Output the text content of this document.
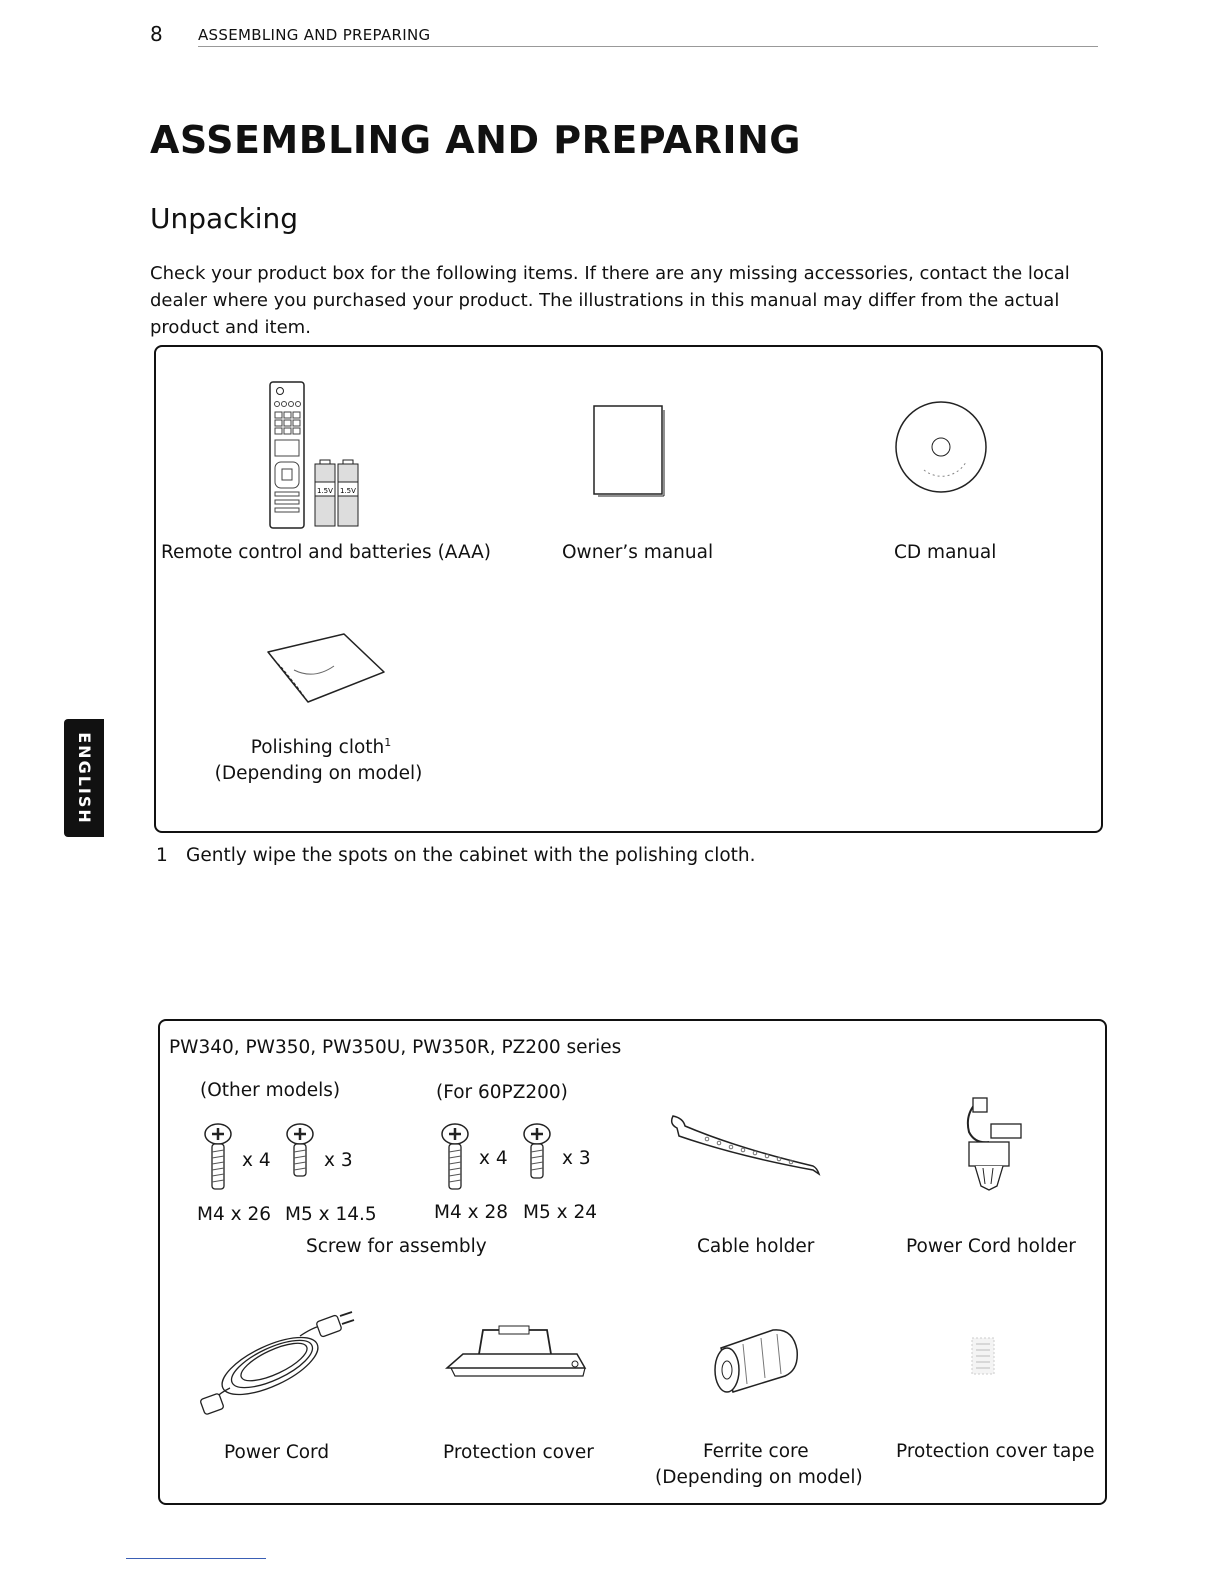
8 ASSEMBLING AND PREPARING
ASSEMBLING AND PREPARING
Unpacking
Check your product box for the following items. If there are any missing accessories, contact the local dealer where you purchased your product. The illustrations in this manual may differ from the actual product and item.
ENGLISH
1.5V 1.5V
Remote control and batteries (AAA)	Owner’s manual	CD manual
Polishing cloth$^1$
(Depending on model)
1 Gently wipe the spots on the cabinet with the polishing cloth.
PW340, PW350, PW350U, PW350R, PZ200 series
(Other models)	(For 60PZ200)
x 4	x 3	x 4	x 3
M4 x 26 M5 x 14.5	M4 x 28 M5 x 24
Screw for assembly	Cable holder	Power Cord holder
Power Cord	Protection cover	Ferrite core
(Depending on model)
Protection cover tape
